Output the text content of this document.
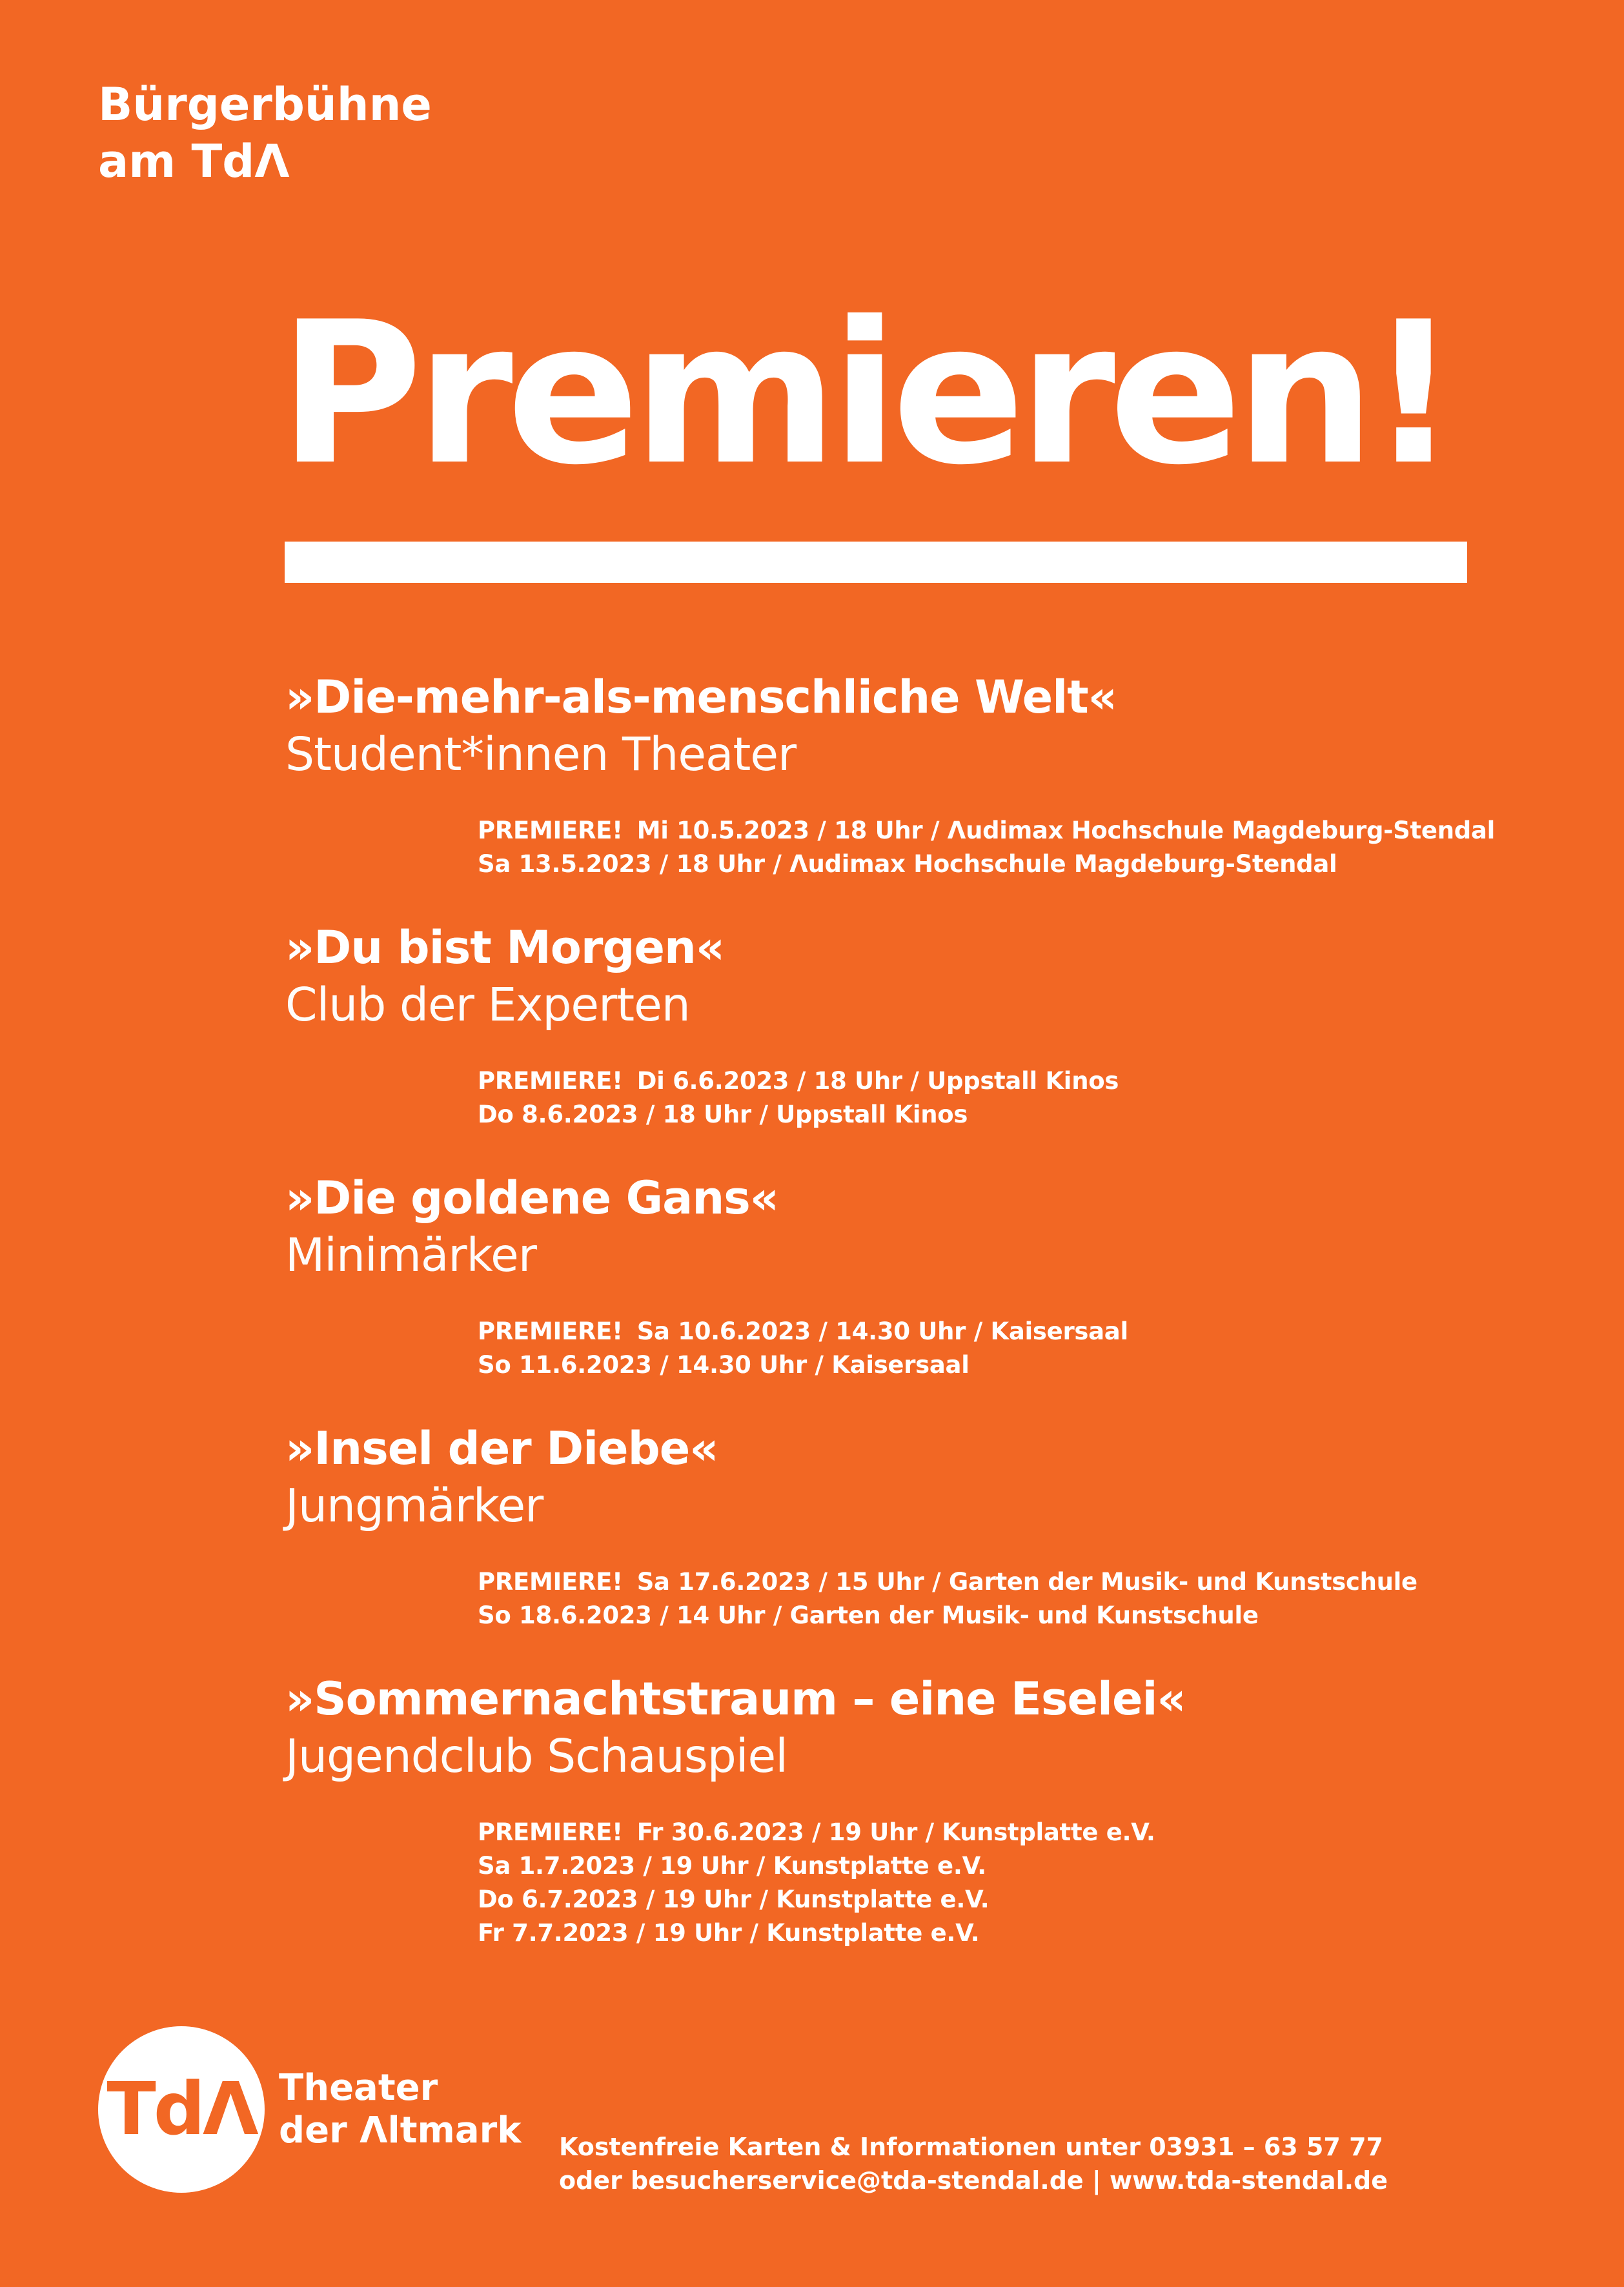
Bürgerbühne
am TdΛ
Premieren!
»Die-mehr-als-menschliche Welt«
Student*innen Theater
PREMIERE! Mi 10.5.2023 / 18 Uhr / Λudimax Hochschule Magdeburg-Stendal
Sa 13.5.2023 / 18 Uhr / Λudimax Hochschule Magdeburg-Stendal
»Du bist Morgen«
Club der Experten
PREMIERE! Di 6.6.2023 / 18 Uhr / Uppstall Kinos
Do 8.6.2023 / 18 Uhr / Uppstall Kinos
»Die goldene Gans«
Minimärker
PREMIERE! Sa 10.6.2023 / 14.30 Uhr / Kaisersaal
So 11.6.2023 / 14.30 Uhr / Kaisersaal
»Insel der Diebe«
Jungmärker
PREMIERE! Sa 17.6.2023 / 15 Uhr / Garten der Musik- und Kunstschule
So 18.6.2023 / 14 Uhr / Garten der Musik- und Kunstschule
»Sommernachtstraum – eine Eselei«
Jugendclub Schauspiel
PREMIERE! Fr 30.6.2023 / 19 Uhr / Kunstplatte e.V.
Sa 1.7.2023 / 19 Uhr / Kunstplatte e.V.
Do 6.7.2023 / 19 Uhr / Kunstplatte e.V.
Fr 7.7.2023 / 19 Uhr / Kunstplatte e.V.
TdΛ Theater
der Λltmark Kostenfreie Karten & Informationen unter 03931 – 63 57 77
oder besucherservice@tda-stendal.de | www.tda-stendal.de
